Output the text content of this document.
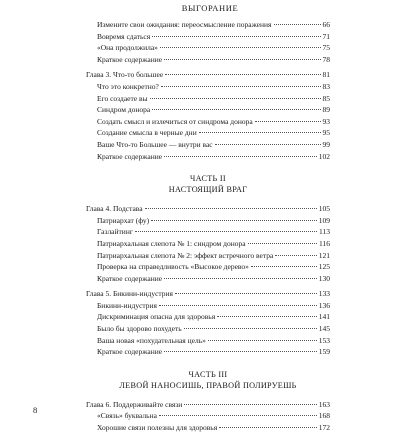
ВЫГОРАНИЕ
Измените свои ожидания: переосмысление поражения	66
Вовремя сдаться	71
«Она продолжила»	75
Краткое содержание	78
Глава 3. Что-то большее	81
Что это конкретно?	83
Его создаете вы	85
Синдром донора	89
Создать смысл и излечиться от синдрома донора	93
Создание смысла в черные дни	95
Ваше Что-то Большее — внутри вас	99
Краткое содержание	102
ЧАСТЬ II
НАСТОЯЩИЙ ВРАГ
Глава 4. Подстава	105
Патриархат (фу)	109
Газлайтинг	113
Патриархальная слепота № 1: синдром донора	116
Патриархальная слепота № 2: эффект встречного ветра	121
Проверка на справедливость «Высокое дерево»	125
Краткое содержание	130
Глава 5. Бикини-индустрия	133
Бикини-индустрия	136
Дискриминация опасна для здоровья	141
Было бы здорово похудеть	145
Ваша новая «похудательная цель»	153
Краткое содержание	159
ЧАСТЬ III
ЛЕВОЙ НАНОСИШЬ, ПРАВОЙ ПОЛИРУЕШЬ
Глава 6. Поддерживайте связи	163
«Связь» буквальна	168
Хорошие связи полезны для здоровья	172
8
